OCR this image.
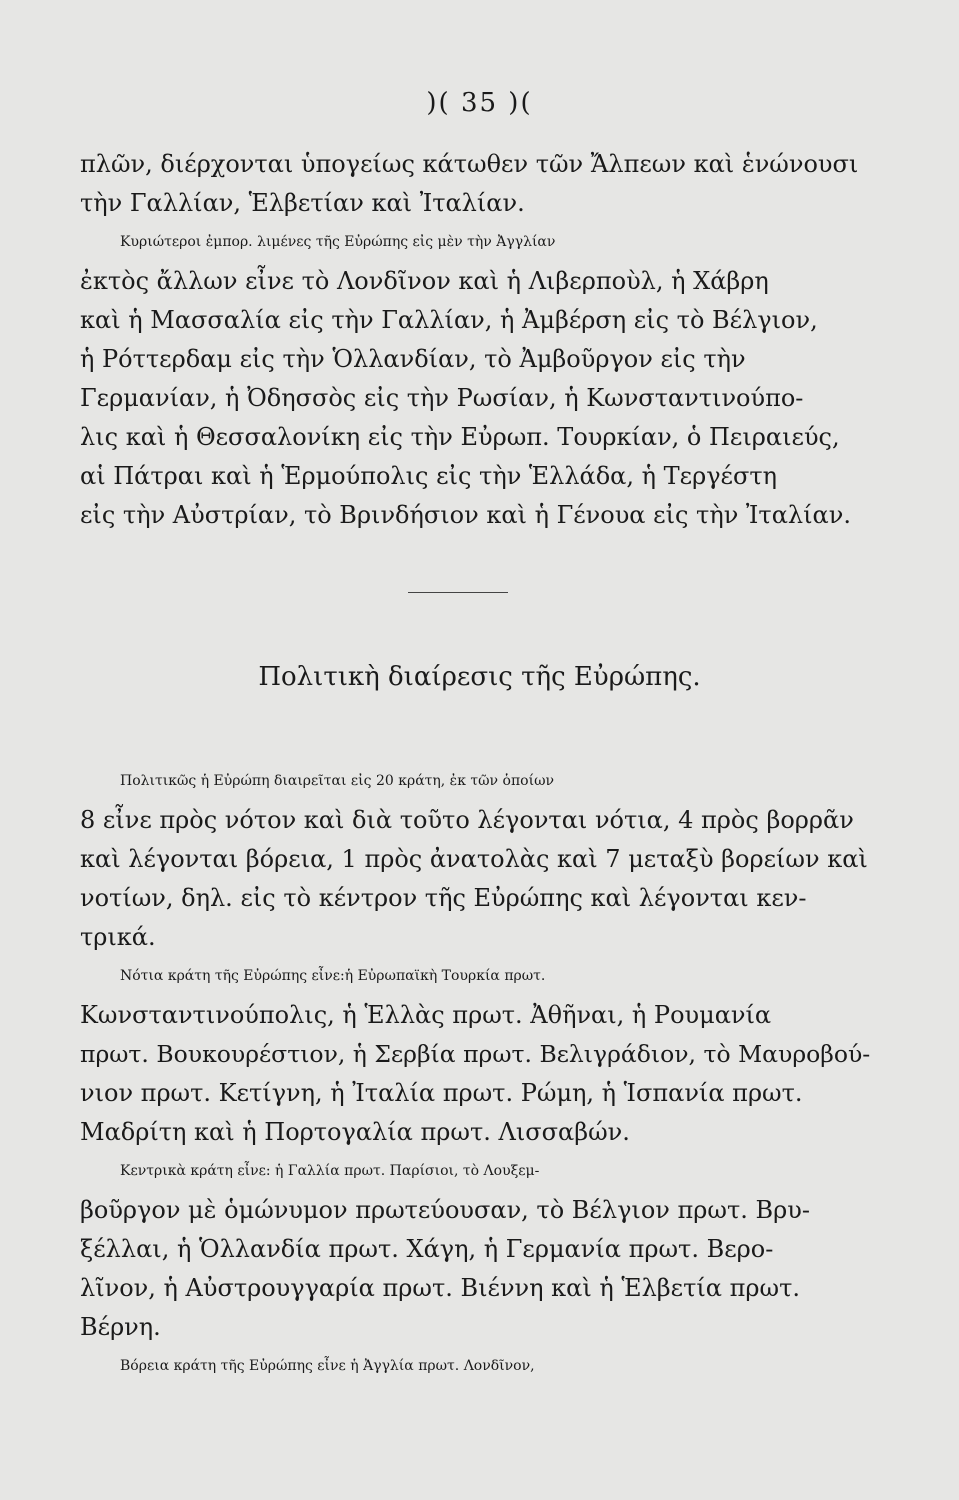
)( 35 )(
πλῶν, διέρχονται ὑπογείως κάτωθεν τῶν Ἄλπεων καὶ ἑνώνουσι
τὴν Γαλλίαν, Ἑλβετίαν καὶ Ἰταλίαν.
Κυριώτεροι ἐμπορ. λιμένες τῆς Εὐρώπης εἰς μὲν τὴν Ἀγγλίαν
ἐκτὸς ἄλλων εἶνε τὸ Λονδῖνον καὶ ἡ Λιβερποὺλ, ἡ Χάβρη
καὶ ἡ Μασσαλία εἰς τὴν Γαλλίαν, ἡ Ἀμβέρση εἰς τὸ Βέλγιον,
ἡ Ρόττερδαμ εἰς τὴν Ὁλλανδίαν, τὸ Ἀμβοῦργον εἰς τὴν
Γερμανίαν, ἡ Ὀδησσὸς εἰς τὴν Ρωσίαν, ἡ Κωνσταντινούπο-
λις καὶ ἡ Θεσσαλονίκη εἰς τὴν Εὐρωπ. Τουρκίαν, ὁ Πειραιεύς,
αἱ Πάτραι καὶ ἡ Ἑρμούπολις εἰς τὴν Ἑλλάδα, ἡ Τεργέστη
εἰς τὴν Αὐστρίαν, τὸ Βρινδήσιον καὶ ἡ Γένουα εἰς τὴν Ἰταλίαν.
Πολιτικὴ διαίρεσις τῆς Εὐρώπης.
Πολιτικῶς ἡ Εὐρώπη διαιρεῖται εἰς 20 κράτη, ἐκ τῶν ὁποίων
8 εἶνε πρὸς νότον καὶ διὰ τοῦτο λέγονται νότια, 4 πρὸς βορρᾶν
καὶ λέγονται βόρεια, 1 πρὸς ἀνατολὰς καὶ 7 μεταξὺ βορείων καὶ
νοτίων, δηλ. εἰς τὸ κέντρον τῆς Εὐρώπης καὶ λέγονται κεν-
τρικά.
Νότια κράτη τῆς Εὐρώπης εἶνε:ἡ Εὐρωπαϊκὴ Τουρκία πρωτ.
Κωνσταντινούπολις, ἡ Ἑλλὰς πρωτ. Ἀθῆναι, ἡ Ρουμανία
πρωτ. Βουκουρέστιον, ἡ Σερβία πρωτ. Βελιγράδιον, τὸ Μαυροβού-
νιον πρωτ. Κετίγνη, ἡ Ἰταλία πρωτ. Ρώμη, ἡ Ἱσπανία πρωτ.
Μαδρίτη καὶ ἡ Πορτογαλία πρωτ. Λισσαβών.
Κεντρικὰ κράτη εἶνε: ἡ Γαλλία πρωτ. Παρίσιοι, τὸ Λουξεμ-
βοῦργον μὲ ὁμώνυμον πρωτεύουσαν, τὸ Βέλγιον πρωτ. Βρυ-
ξέλλαι, ἡ Ὁλλανδία πρωτ. Χάγη, ἡ Γερμανία πρωτ. Βερο-
λῖνον, ἡ Αὐστρουγγαρία πρωτ. Βιέννη καὶ ἡ Ἑλβετία πρωτ.
Βέρνη.
Βόρεια κράτη τῆς Εὐρώπης εἶνε ἡ Ἀγγλία πρωτ. Λονδῖνον,
